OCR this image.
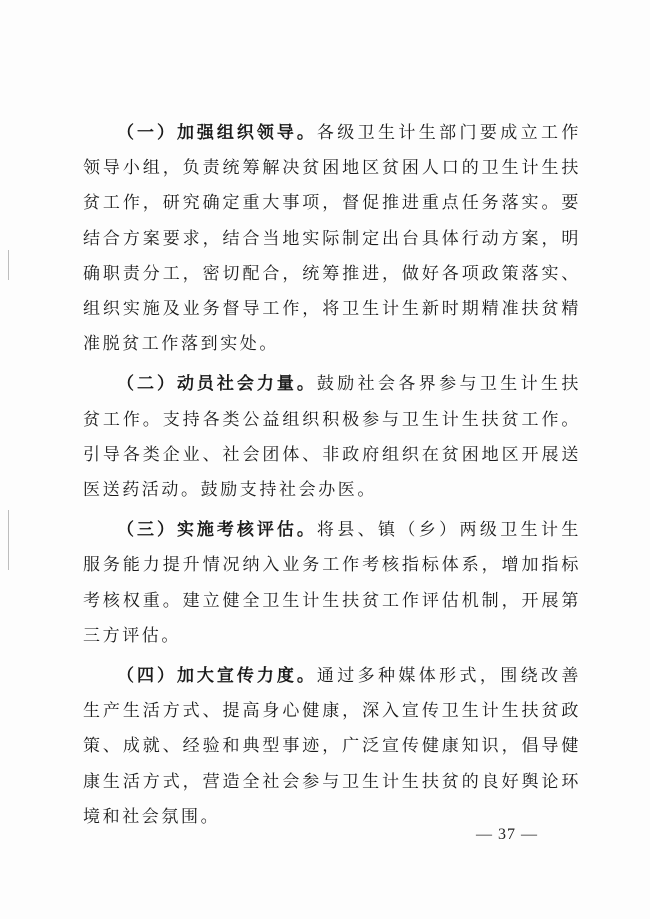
（一）加强组织领导。各级卫生计生部门要成立工作领导小组，负责统筹解决贫困地区贫困人口的卫生计生扶贫工作，研究确定重大事项，督促推进重点任务落实。要结合方案要求，结合当地实际制定出台具体行动方案，明确职责分工，密切配合，统筹推进，做好各项政策落实、组织实施及业务督导工作，将卫生计生新时期精准扶贫精准脱贫工作落到实处。

（二）动员社会力量。鼓励社会各界参与卫生计生扶贫工作。支持各类公益组织积极参与卫生计生扶贫工作。引导各类企业、社会团体、非政府组织在贫困地区开展送医送药活动。鼓励支持社会办医。

（三）实施考核评估。将县、镇（乡）两级卫生计生服务能力提升情况纳入业务工作考核指标体系，增加指标考核权重。建立健全卫生计生扶贫工作评估机制，开展第三方评估。

（四）加大宣传力度。通过多种媒体形式，围绕改善生产生活方式、提高身心健康，深入宣传卫生计生扶贫政策、成就、经验和典型事迹，广泛宣传健康知识，倡导健康生活方式，营造全社会参与卫生计生扶贫的良好舆论环境和社会氛围。

— 37 —
